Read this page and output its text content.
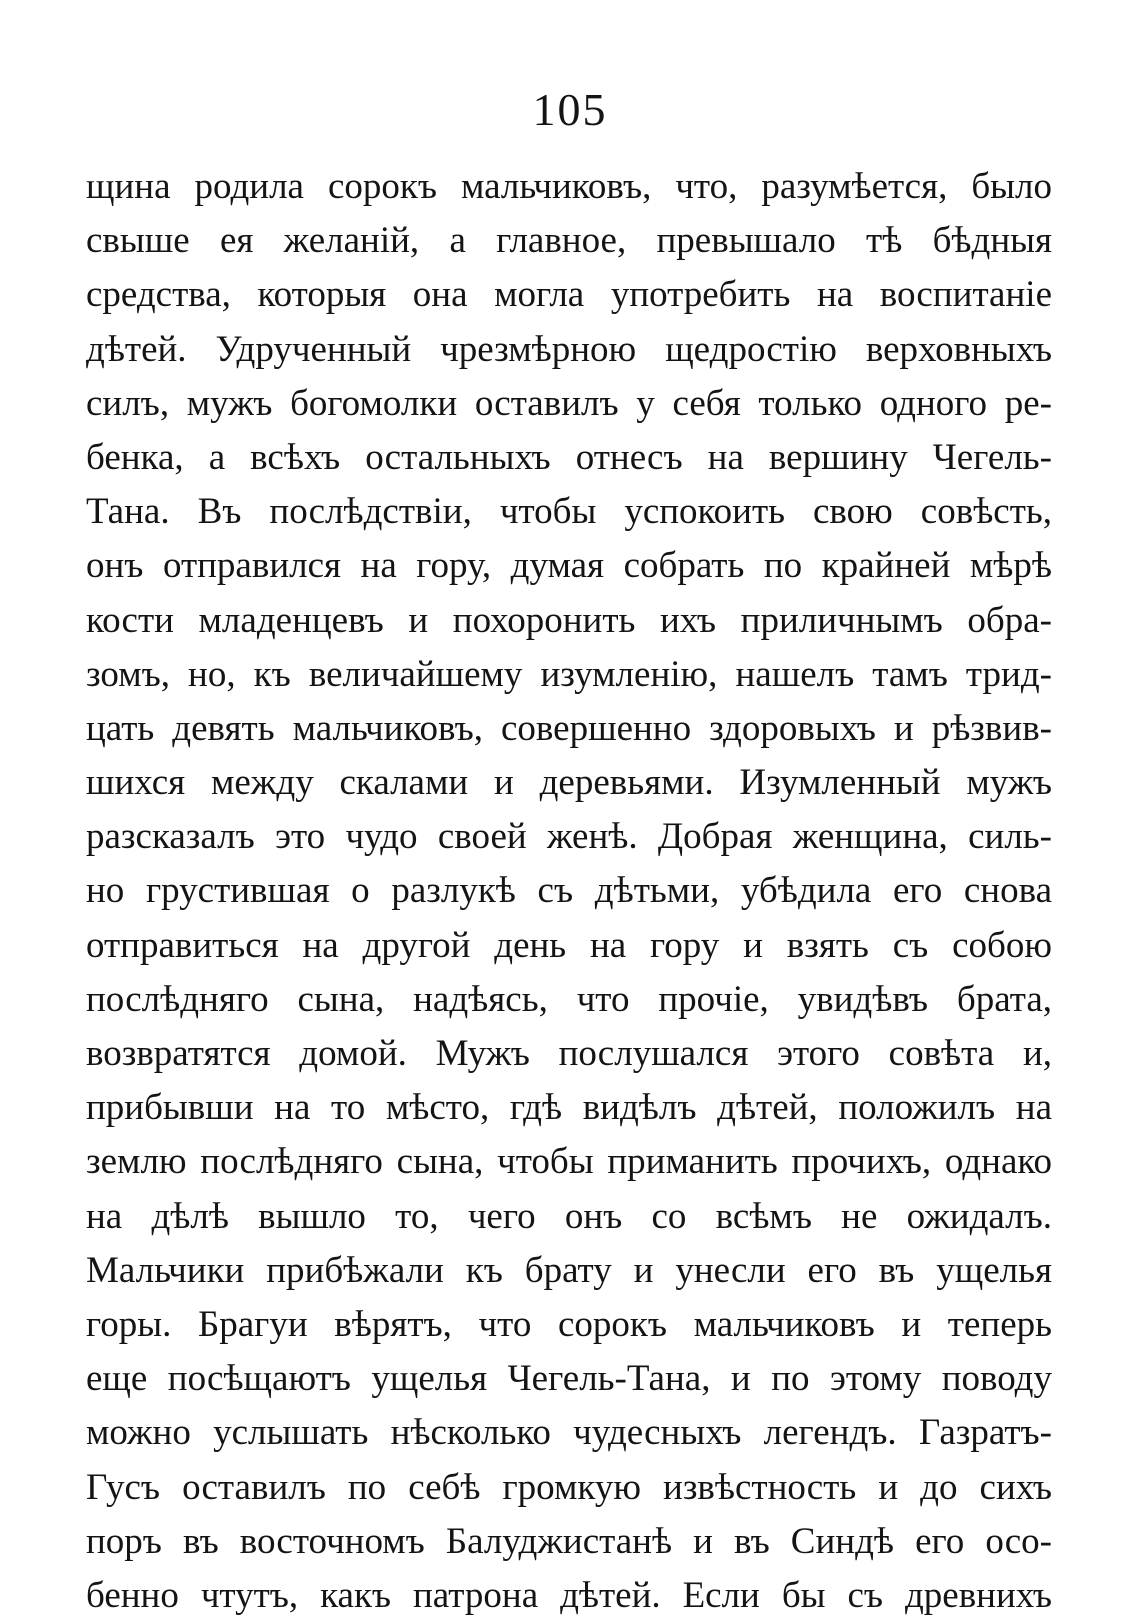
105
щина родила сорокъ мальчиковъ, что, разумѣется, было
свыше ея желаній, а главное, превышало тѣ бѣдныя
средства, которыя она могла употребить на воспитаніе
дѣтей. Удрученный чрезмѣрною щедростію верховныхъ
силъ, мужъ богомолки оставилъ у себя только одного ре-
бенка, а всѣхъ остальныхъ отнесъ на вершину Чегель-
Тана. Въ послѣдствіи, чтобы успокоить свою совѣсть,
онъ отправился на гору, думая собрать по крайней мѣрѣ
кости младенцевъ и похоронить ихъ приличнымъ обра-
зомъ, но, къ величайшему изумленію, нашелъ тамъ трид-
цать девять мальчиковъ, совершенно здоровыхъ и рѣзвив-
шихся между скалами и деревьями. Изумленный мужъ
разсказалъ это чудо своей женѣ. Добрая женщина, силь-
но грустившая о разлукѣ съ дѣтьми, убѣдила его снова
отправиться на другой день на гору и взять съ собою
послѣдняго сына, надѣясь, что прочіе, увидѣвъ брата,
возвратятся домой. Мужъ послушался этого совѣта и,
прибывши на то мѣсто, гдѣ видѣлъ дѣтей, положилъ на
землю послѣдняго сына, чтобы приманить прочихъ, однако
на дѣлѣ вышло то, чего онъ со всѣмъ не ожидалъ.
Мальчики прибѣжали къ брату и унесли его въ ущелья
горы. Брагуи вѣрятъ, что сорокъ мальчиковъ и теперь
еще посѣщаютъ ущелья Чегель-Тана, и по этому поводу
можно услышать нѣсколько чудесныхъ легендъ. Газратъ-
Гусъ оставилъ по себѣ громкую извѣстность и до сихъ
поръ въ восточномъ Балуджистанѣ и въ Синдѣ его осо-
бенно чтутъ, какъ патрона дѣтей. Если бы съ древнихъ
